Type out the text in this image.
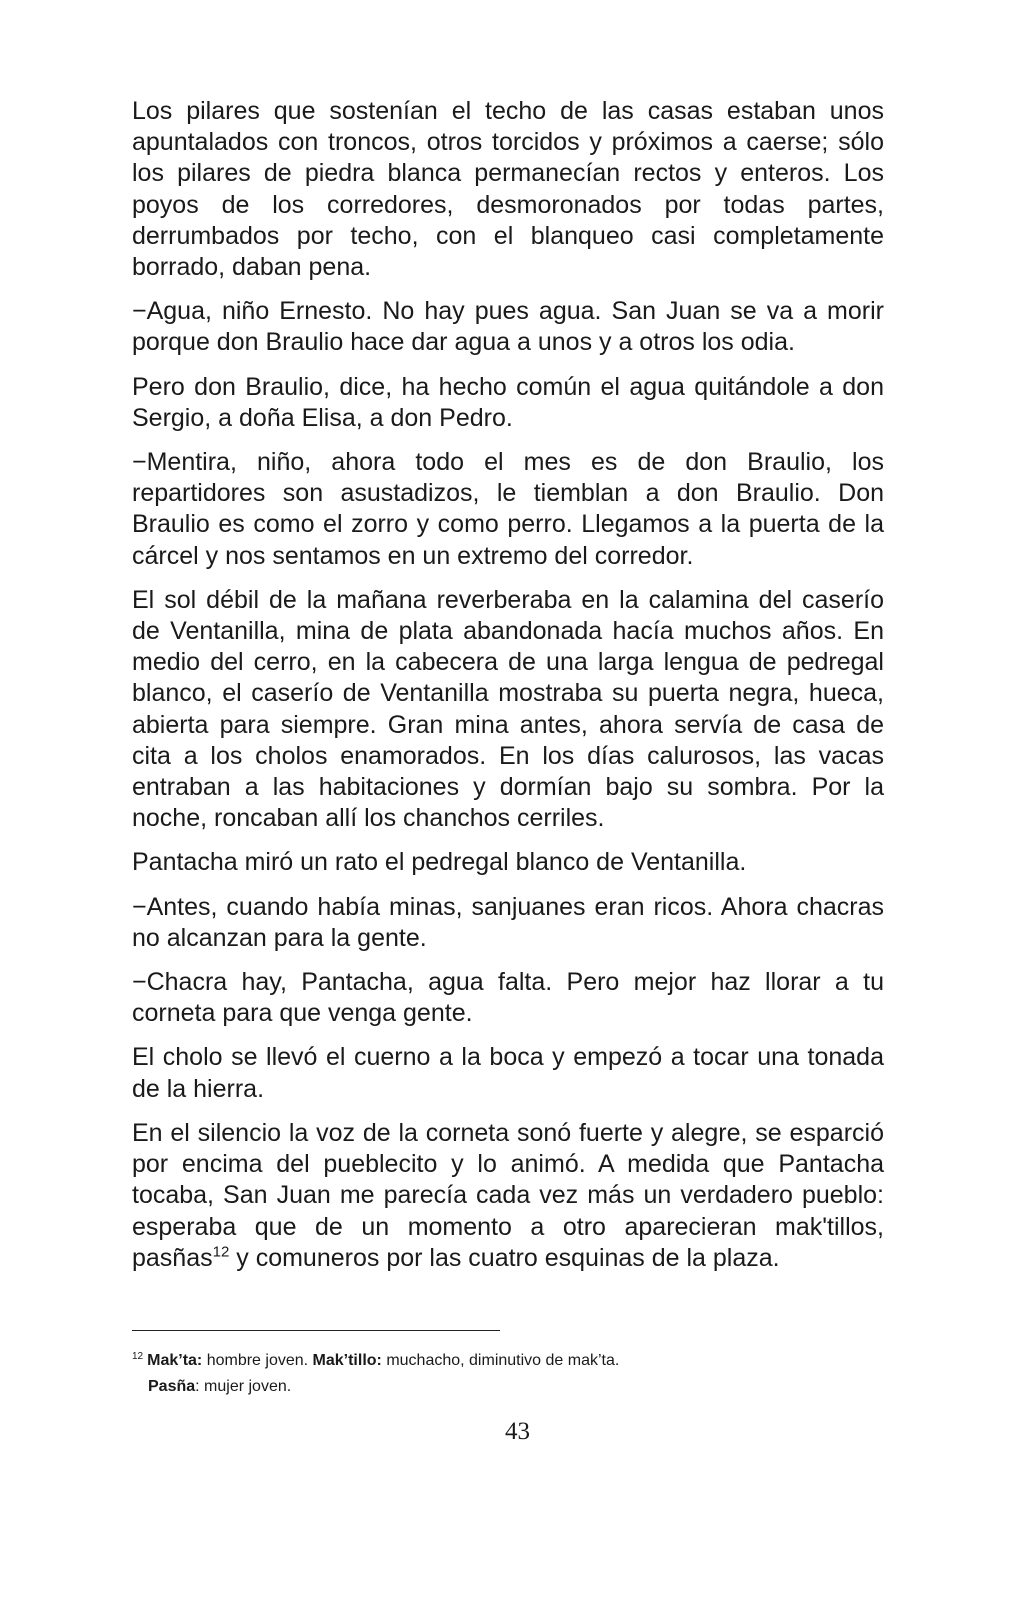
Los pilares que sostenían el techo de las casas estaban unos apuntalados con troncos, otros torcidos y próximos a caerse; sólo los pilares de piedra blanca permanecían rectos y enteros. Los poyos de los corredores, desmoronados por todas partes, derrumbados por techo, con el blanqueo casi completamente borrado, daban pena.

−Agua, niño Ernesto. No hay pues agua. San Juan se va a morir porque don Braulio hace dar agua a unos y a otros los odia.

Pero don Braulio, dice, ha hecho común el agua quitándole a don Sergio, a doña Elisa, a don Pedro.

−Mentira, niño, ahora todo el mes es de don Braulio, los repartidores son asustadizos, le tiemblan a don Braulio. Don Braulio es como el zorro y como perro. Llegamos a la puerta de la cárcel y nos sentamos en un extremo del corredor.

El sol débil de la mañana reverberaba en la calamina del caserío de Ventanilla, mina de plata abandonada hacía muchos años. En medio del cerro, en la cabecera de una larga lengua de pedregal blanco, el caserío de Ventanilla mostraba su puerta negra, hueca, abierta para siempre. Gran mina antes, ahora servía de casa de cita a los cholos enamorados. En los días calurosos, las vacas entraban a las habitaciones y dormían bajo su sombra. Por la noche, roncaban allí los chanchos cerriles.

Pantacha miró un rato el pedregal blanco de Ventanilla.

−Antes, cuando había minas, sanjuanes eran ricos. Ahora chacras no alcanzan para la gente.

−Chacra hay, Pantacha, agua falta. Pero mejor haz llorar a tu corneta para que venga gente.

El cholo se llevó el cuerno a la boca y empezó a tocar una tonada de la hierra.

En el silencio la voz de la corneta sonó fuerte y alegre, se esparció por encima del pueblecito y lo animó. A medida que Pantacha tocaba, San Juan me parecía cada vez más un verdadero pueblo: esperaba que de un momento a otro aparecieran mak'tillos, pasñas$^{12}$ y comuneros por las cuatro esquinas de la plaza.

$^{12}$ Mak’ta: hombre joven. Mak’tillo: muchacho, diminutivo de mak’ta.
Pasña: mujer joven.
43
